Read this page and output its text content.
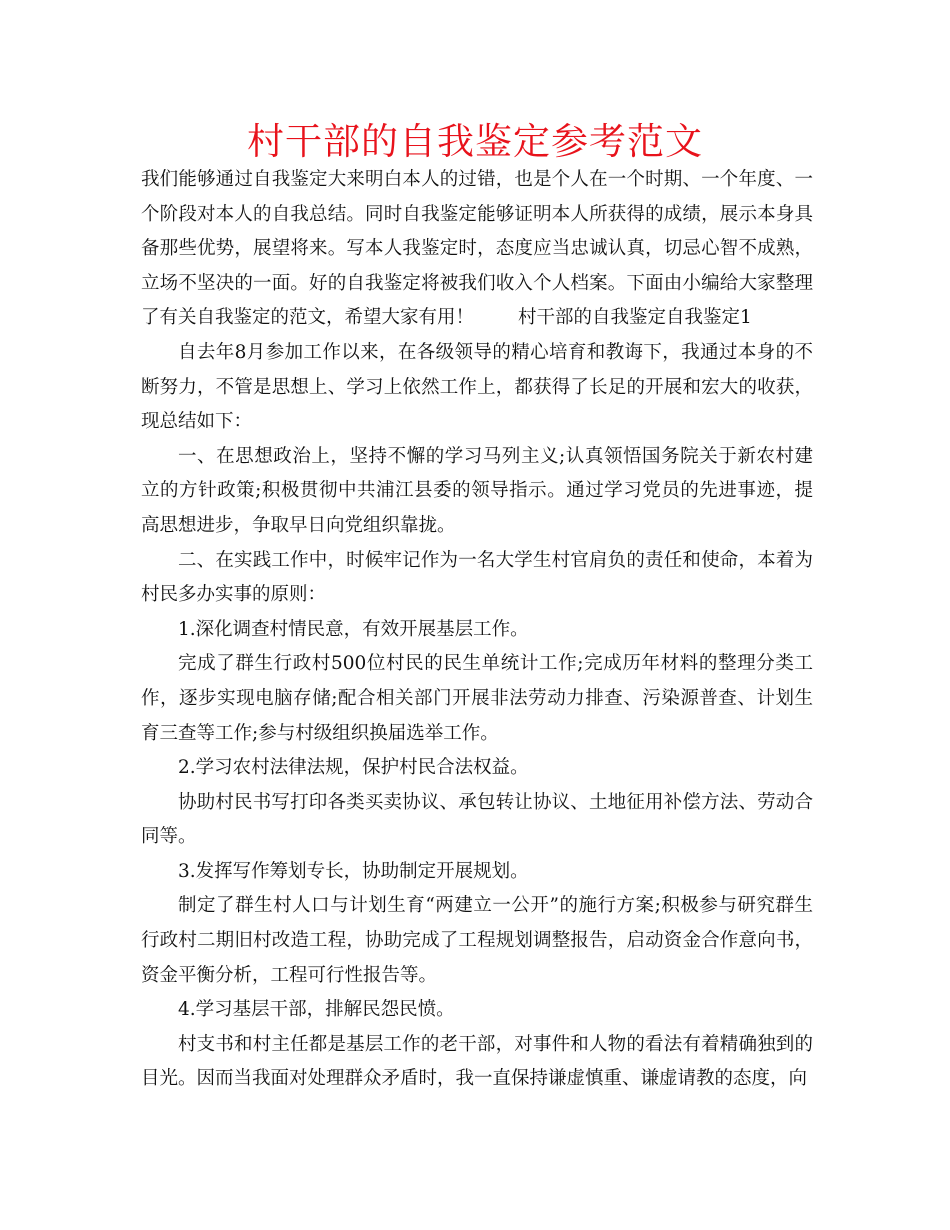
村干部的自我鉴定参考范文

我们能够通过自我鉴定大来明白本人的过错，也是个人在一个时期、一个年度、一个阶段对本人的自我总结。同时自我鉴定能够证明本人所获得的成绩，展示本身具备那些优势，展望将来。写本人我鉴定时，态度应当忠诚认真，切忌心智不成熟，立场不坚决的一面。好的自我鉴定将被我们收入个人档案。下面由小编给大家整理了有关自我鉴定的范文，希望大家有用！ 村干部的自我鉴定自我鉴定1

自去年8月参加工作以来，在各级领导的精心培育和教诲下，我通过本身的不断努力，不管是思想上、学习上依然工作上，都获得了长足的开展和宏大的收获，现总结如下：

一、在思想政治上，坚持不懈的学习马列主义;认真领悟国务院关于新农村建立的方针政策;积极贯彻中共浦江县委的领导指示。通过学习党员的先进事迹，提高思想进步，争取早日向党组织靠拢。

二、在实践工作中，时候牢记作为一名大学生村官肩负的责任和使命，本着为村民多办实事的原则：

1.深化调查村情民意，有效开展基层工作。

完成了群生行政村500位村民的民生单统计工作;完成历年材料的整理分类工作，逐步实现电脑存储;配合相关部门开展非法劳动力排查、污染源普查、计划生育三查等工作;参与村级组织换届选举工作。

2.学习农村法律法规，保护村民合法权益。

协助村民书写打印各类买卖协议、承包转让协议、土地征用补偿方法、劳动合同等。

3.发挥写作筹划专长，协助制定开展规划。

制定了群生村人口与计划生育“两建立一公开”的施行方案;积极参与研究群生行政村二期旧村改造工程，协助完成了工程规划调整报告，启动资金合作意向书，资金平衡分析，工程可行性报告等。

4.学习基层干部，排解民怨民愤。

村支书和村主任都是基层工作的老干部，对事件和人物的看法有着精确独到的目光。因而当我面对处理群众矛盾时，我一直保持谦虚慎重、谦虚请教的态度，向
